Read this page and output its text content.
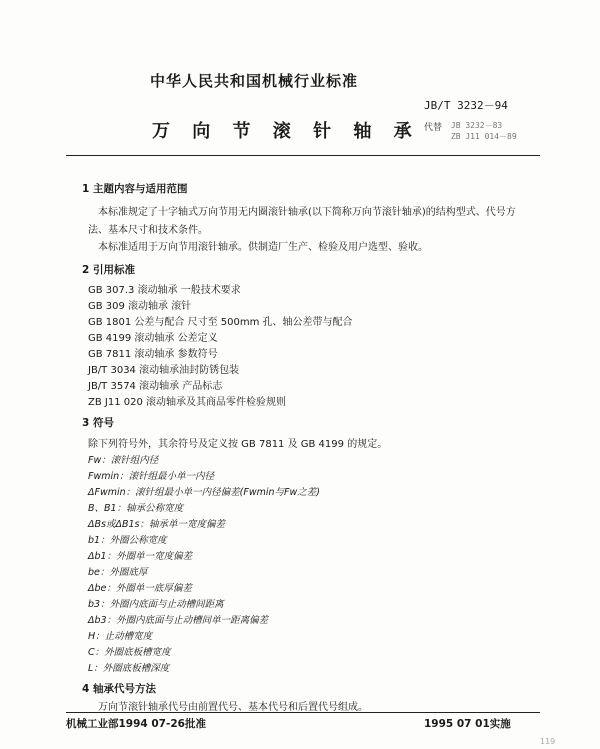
中华人民共和国机械行业标准
JB/T 3232－94
万 向 节 滚 针 轴 承 代替 JB 3232－83
ZB J11 014－89
1 主题内容与适用范围
本标准规定了十字轴式万向节用无内圈滚针轴承(以下简称万向节滚针轴承)的结构型式、代号方
法、基本尺寸和技术条件。
本标准适用于万向节用滚针轴承。供制造厂生产、检验及用户选型、验收。
2 引用标准
GB 307.3 滚动轴承 一般技术要求
GB 309 滚动轴承 滚针
GB 1801 公差与配合 尺寸至 500mm 孔、轴公差带与配合
GB 4199 滚动轴承 公差定义
GB 7811 滚动轴承 参数符号
JB/T 3034 滚动轴承油封防锈包装
JB/T 3574 滚动轴承 产品标志
ZB J11 020 滚动轴承及其商品零件检验规则
3 符号
除下列符号外，其余符号及定义按 GB 7811 及 GB 4199 的规定。
Fw：滚针组内径
Fwmin：滚针组最小单一内径
ΔFwmin：滚针组最小单一内径偏差(Fwmin与Fw之差)
B、B1：轴承公称宽度
ΔBs或ΔB1s：轴承单一宽度偏差
b1：外圈公称宽度
Δb1：外圈单一宽度偏差
be：外圈底厚
Δbe：外圈单一底厚偏差
b3：外圈内底面与止动槽间距离
Δb3：外圈内底面与止动槽间单一距离偏差
H：止动槽宽度
C：外圈底板槽宽度
L：外圈底板槽深度
4 轴承代号方法
万向节滚针轴承代号由前置代号、基本代号和后置代号组成。
机械工业部1994 07-26批准	1995 07 01实施
119
